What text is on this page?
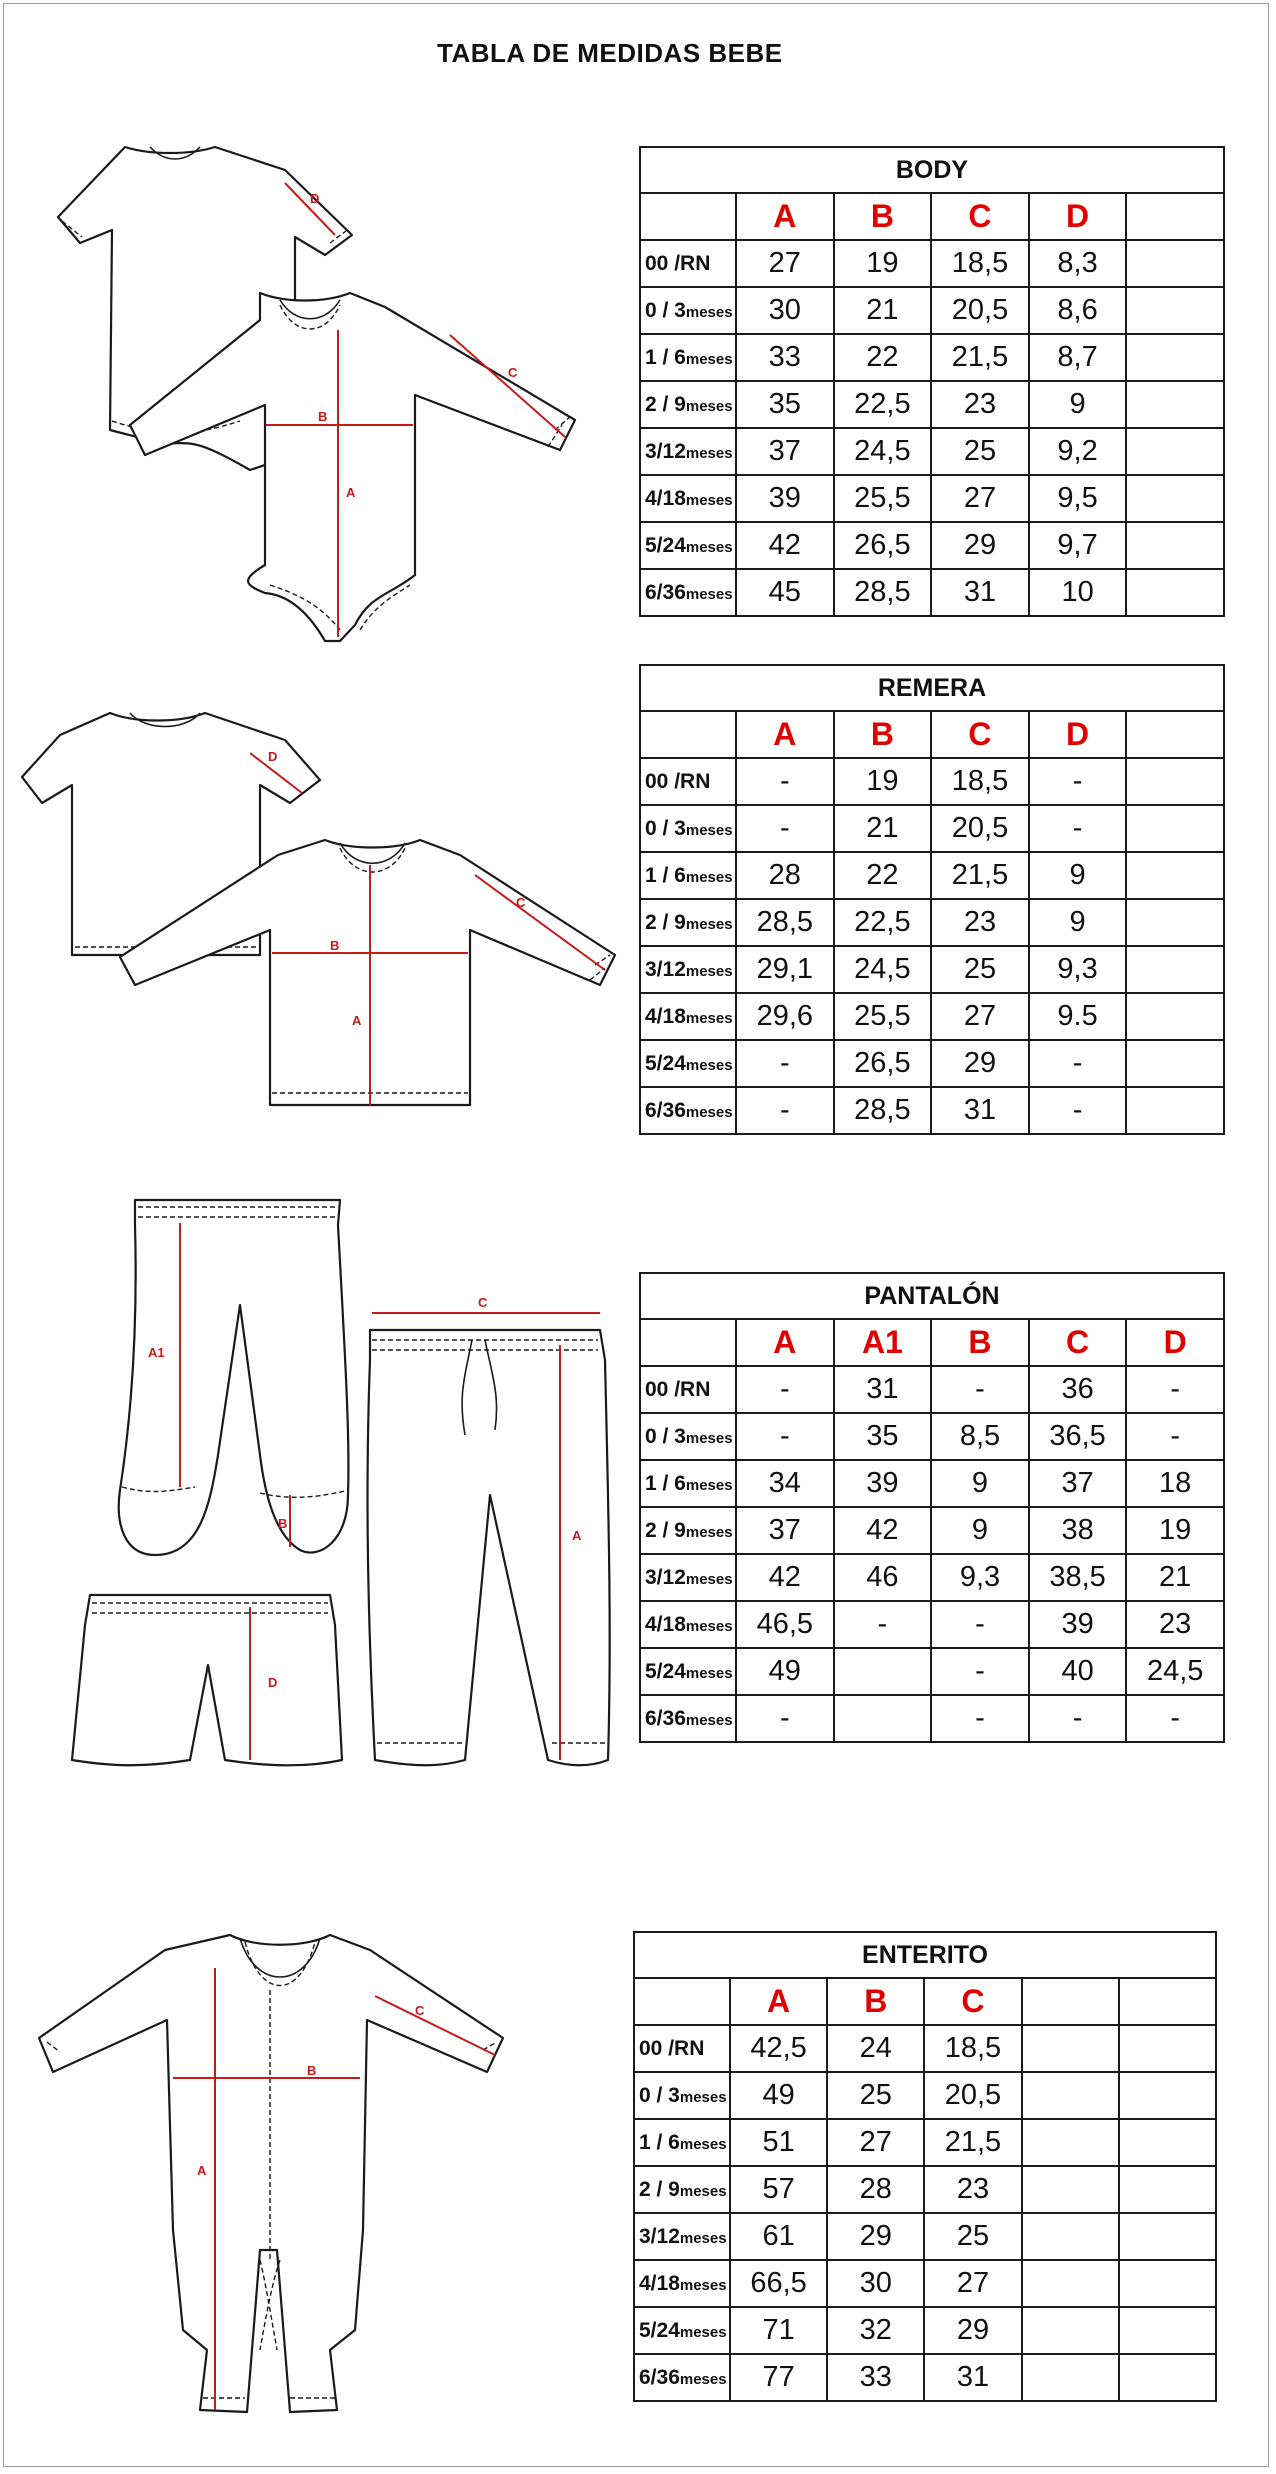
TABLA DE MEDIDAS BEBE
A
B
C
D
A
B
C
D
A1
B
D
C
A
A
B
C
BODY					
	A	B	C	D	
00 /RN	27	19	18,5	8,3	
0 / 3meses	30	21	20,5	8,6	
1 / 6meses	33	22	21,5	8,7	
2 / 9meses	35	22,5	23	9	
3/12meses	37	24,5	25	9,2	
4/18meses	39	25,5	27	9,5	
5/24meses	42	26,5	29	9,7	
6/36meses	45	28,5	31	10	
REMERA					
	A	B	C	D	
00 /RN	-	19	18,5	-	
0 / 3meses	-	21	20,5	-	
1 / 6meses	28	22	21,5	9	
2 / 9meses	28,5	22,5	23	9	
3/12meses	29,1	24,5	25	9,3	
4/18meses	29,6	25,5	27	9.5	
5/24meses	-	26,5	29	-	
6/36meses	-	28,5	31	-	
PANTALÓN					
	A	A1	B	C	D
00 /RN	-	31	-	36	-
0 / 3meses	-	35	8,5	36,5	-
1 / 6meses	34	39	9	37	18
2 / 9meses	37	42	9	38	19
3/12meses	42	46	9,3	38,5	21
4/18meses	46,5	-	-	39	23
5/24meses	49		-	40	24,5
6/36meses	-		-	-	-
ENTERITO					
	A	B	C		
00 /RN	42,5	24	18,5		
0 / 3meses	49	25	20,5		
1 / 6meses	51	27	21,5		
2 / 9meses	57	28	23		
3/12meses	61	29	25		
4/18meses	66,5	30	27		
5/24meses	71	32	29		
6/36meses	77	33	31		
